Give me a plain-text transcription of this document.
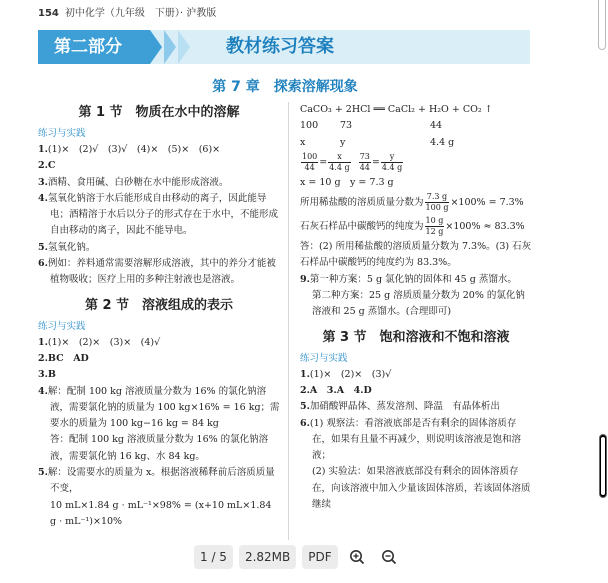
154 初中化学（九年级　下册）· 沪教版
第二部分	教材练习答案
第 7 章 探索溶解现象
第 1 节　物质在水中的溶解
练习与实践
1.(1)×　(2)√　(3)√　(4)×　(5)×　(6)×
2.C
3.酒精、食用碱、白砂糖在水中能形成溶液。
4.氢氧化钠溶于水后能形成自由移动的离子，因此能导电；酒精溶于水后以分子的形式存在于水中，不能形成自由移动的离子，因此不能导电。
5.氢氧化钠。
6.例如：养料通常需要溶解形成溶液，其中的养分才能被植物吸收；医疗上用的多种注射液也是溶液。
第 2 节　溶液组成的表示
练习与实践
1.(1)×　(2)×　(3)×　(4)√
2.BC　AD
3.B
4.解：配制 100 kg 溶液质量分数为 16% 的氯化钠溶液，需要氯化钠的质量为 100 kg×16% = 16 kg；需要水的质量为 100 kg−16 kg = 84 kg
答：配制 100 kg 溶液质量分数为 16% 的氯化钠溶液，需要氯化钠 16 kg、水 84 kg。
5.解：设需要水的质量为 x。根据溶液稀释前后溶质质量不变，
10 mL×1.84 g · mL⁻¹×98% = (x+10 mL×1.84 g · mL⁻¹)×10%
CaCO₃ + 2HCl ══ CaCl₂ + H₂O + CO₂ ↑
100	73	44
x	y	4.4 g
$\frac{100}{44} = \frac{x}{4.4 g}$
$\frac{73}{44} = \frac{y}{4.4 g}$
x = 10 g　y = 7.3 g
所用稀盐酸的溶质质量分数为 $\frac{7.3 g}{100 g} \times 100\% = 7.3\%$
石灰石样品中碳酸钙的纯度为 $\frac{10 g}{12 g} \times 100\% \approx 83.3\%$
答：(2) 所用稀盐酸的溶质质量分数为 7.3%。(3) 石灰石样品中碳酸钙的纯度约为 83.3%。
9.第一种方案：5 g 氯化钠的固体和 45 g 蒸馏水。
第二种方案：25 g 溶质质量分数为 20% 的氯化钠溶液和 25 g 蒸馏水。(合理即可)
第 3 节　饱和溶液和不饱和溶液
练习与实践
1.(1)×　(2)×　(3)√
2.A　3.A　4.D
5.加硝酸钾晶体、蒸发溶剂、降温　有晶体析出
6.(1) 观察法：看溶液底部是否有剩余的固体溶质存在，如果有且量不再减少，则说明该溶液是饱和溶液；
(2) 实验法：如果溶液底部没有剩余的固体溶质存在，向该溶液中加入少量该固体溶质，若该固体溶质继续
1 / 5	2.82MB	PDF
